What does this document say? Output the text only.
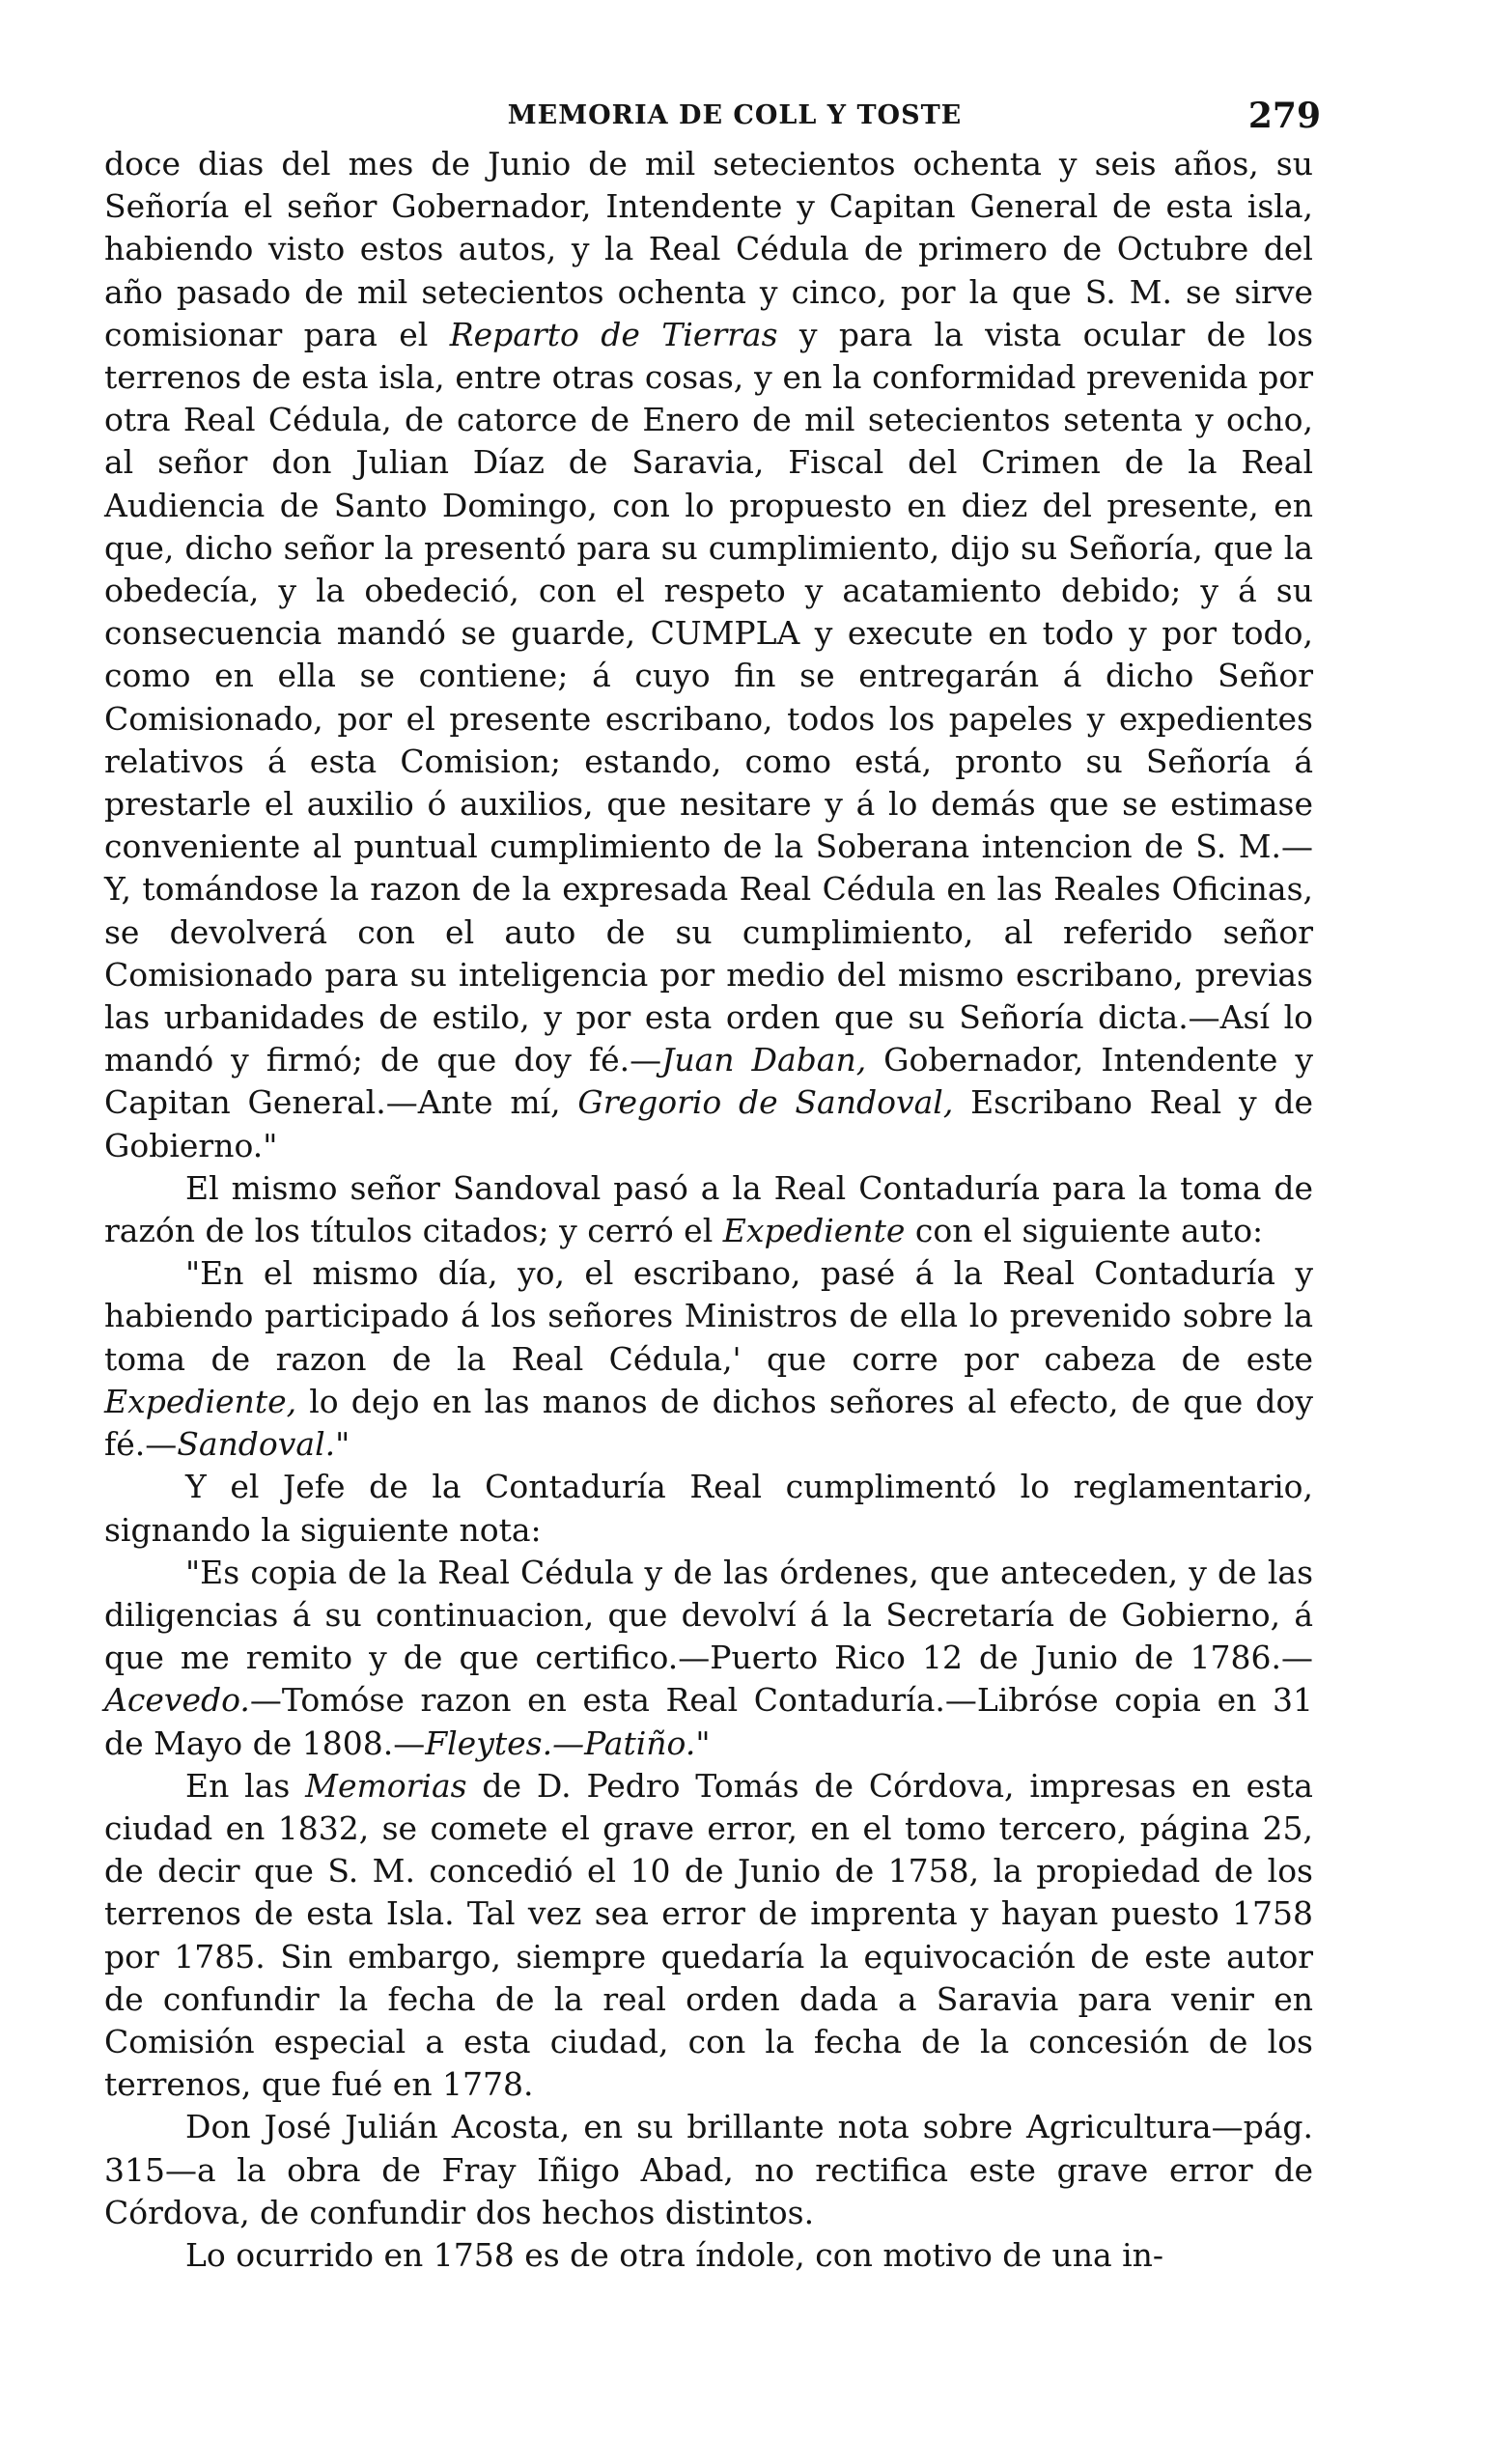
MEMORIA DE COLL Y TOSTE	279

doce dias del mes de Junio de mil setecientos ochenta y seis años, su Señoría el señor Gobernador, Intendente y Capitan General de esta isla, habiendo visto estos autos, y la Real Cédula de primero de Octubre del año pasado de mil setecientos ochenta y cinco, por la que S. M. se sirve comisionar para el Reparto de Tierras y para la vista ocular de los terrenos de esta isla, entre otras cosas, y en la conformidad prevenida por otra Real Cédula, de catorce de Enero de mil setecientos setenta y ocho, al señor don Julian Díaz de Saravia, Fiscal del Crimen de la Real Audiencia de Santo Domingo, con lo propuesto en diez del presente, en que, dicho señor la presentó para su cumplimiento, dijo su Señoría, que la obedecía, y la obedeció, con el respeto y acatamiento debido; y á su consecuencia mandó se guarde, CUMPLA y execute en todo y por todo, como en ella se contiene; á cuyo fin se entregarán á dicho Señor Comisionado, por el presente escribano, todos los papeles y expedientes relativos á esta Comision; estando, como está, pronto su Señoría á prestarle el auxilio ó auxilios, que nesitare y á lo demás que se estimase conveniente al puntual cumplimiento de la Soberana intencion de S. M.—Y, tomándose la razon de la expresada Real Cédula en las Reales Oficinas, se devolverá con el auto de su cumplimiento, al referido señor Comisionado para su inteligencia por medio del mismo escribano, previas las urbanidades de estilo, y por esta orden que su Señoría dicta.—Así lo mandó y firmó; de que doy fé.—Juan Daban, Gobernador, Intendente y Capitan General.—Ante mí, Gregorio de Sandoval, Escribano Real y de Gobierno."

El mismo señor Sandoval pasó a la Real Contaduría para la toma de razón de los títulos citados; y cerró el Expediente con el siguiente auto:

"En el mismo día, yo, el escribano, pasé á la Real Contaduría y habiendo participado á los señores Ministros de ella lo prevenido sobre la toma de razon de la Real Cédula,' que corre por cabeza de este Expediente, lo dejo en las manos de dichos señores al efecto, de que doy fé.—Sandoval."

Y el Jefe de la Contaduría Real cumplimentó lo reglamentario, signando la siguiente nota:

"Es copia de la Real Cédula y de las órdenes, que anteceden, y de las diligencias á su continuacion, que devolví á la Secretaría de Gobierno, á que me remito y de que certifico.—Puerto Rico 12 de Junio de 1786.—Acevedo.—Tomóse razon en esta Real Contaduría.—Libróse copia en 31 de Mayo de 1808.—Fleytes.—Patiño."

En las Memorias de D. Pedro Tomás de Córdova, impresas en esta ciudad en 1832, se comete el grave error, en el tomo tercero, página 25, de decir que S. M. concedió el 10 de Junio de 1758, la propiedad de los terrenos de esta Isla. Tal vez sea error de imprenta y hayan puesto 1758 por 1785. Sin embargo, siempre quedaría la equivocación de este autor de confundir la fecha de la real orden dada a Saravia para venir en Comisión especial a esta ciudad, con la fecha de la concesión de los terrenos, que fué en 1778.

Don José Julián Acosta, en su brillante nota sobre Agricultura—pág. 315—a la obra de Fray Iñigo Abad, no rectifica este grave error de Córdova, de confundir dos hechos distintos.

Lo ocurrido en 1758 es de otra índole, con motivo de una in-
